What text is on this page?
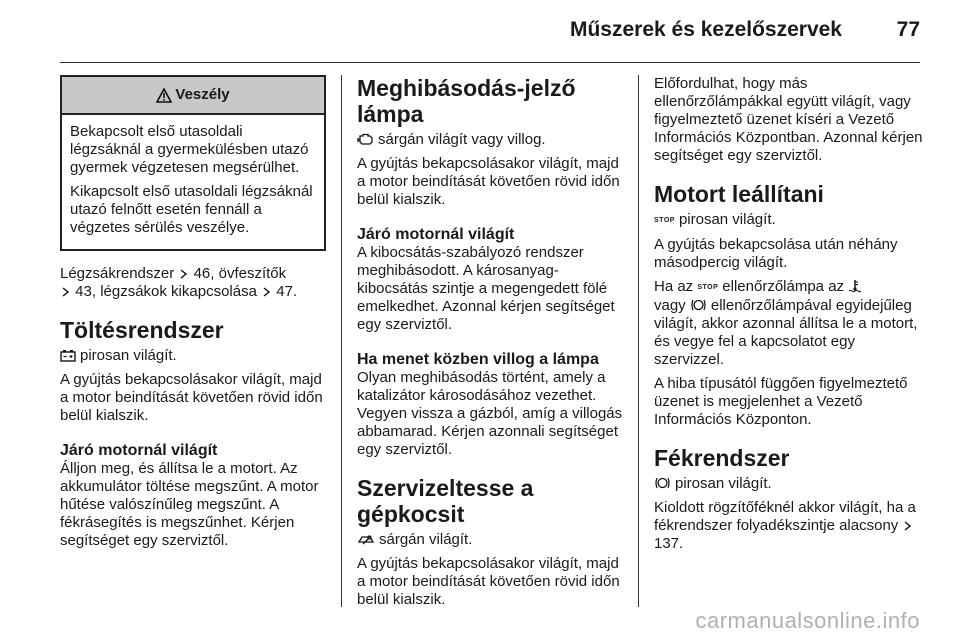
Műszerek és kezelőszervek	77
Veszély

Bekapcsolt első utasoldali légzsáknál a gyermekülésben utazó gyermek végzetesen megsérülhet.

Kikapcsolt első utasoldali légzsáknál utazó felnőtt esetén fennáll a végzetes sérülés veszélye.

Légzsákrendszer 46, övfeszítők
43, légzsákok kikapcsolása 47.

Töltésrendszer

pirosan világít.

A gyújtás bekapcsolásakor világít, majd a motor beindítását követően rövid időn belül kialszik.

Járó motornál világít

Álljon meg, és állítsa le a motort. Az akkumulátor töltése megszűnt. A motor hűtése valószínűleg megszűnt. A fékrásegítés is megszűnhet. Kérjen segítséget egy szerviztől.

Meghibásodás-jelző lámpa

sárgán világít vagy villog.

A gyújtás bekapcsolásakor világít, majd a motor beindítását követően rövid időn belül kialszik.

Járó motornál világít

A kibocsátás-szabályozó rendszer meghibásodott. A károsanyag-kibocsátás szintje a megengedett fölé emelkedhet. Azonnal kérjen segítséget egy szerviztől.

Ha menet közben villog a lámpa

Olyan meghibásodás történt, amely a katalizátor károsodásához vezethet. Vegyen vissza a gázból, amíg a villogás abbamarad. Kérjen azonnali segítséget egy szerviztől.

Szervizeltesse a gépkocsit

sárgán világít.

A gyújtás bekapcsolásakor világít, majd a motor beindítását követően rövid időn belül kialszik.

Előfordulhat, hogy más ellenőrzőlámpákkal együtt világít, vagy figyelmeztető üzenet kíséri a Vezető Információs Központban. Azonnal kérjen segítséget egy szerviztől.

Motort leállítani

STOP pirosan világít.

A gyújtás bekapcsolása után néhány másodpercig világít.

Ha az STOP ellenőrzőlámpa az
vagy ellenőrzőlámpával egyidejűleg világít, akkor azonnal állítsa le a motort, és vegye fel a kapcsolatot egy szervizzel.

A hiba típusától függően figyelmeztető üzenet is megjelenhet a Vezető Információs Központon.

Fékrendszer

pirosan világít.

Kioldott rögzítőféknél akkor világít, ha a fékrendszer folyadékszintje alacsony  137.

carmanualsonline.info
